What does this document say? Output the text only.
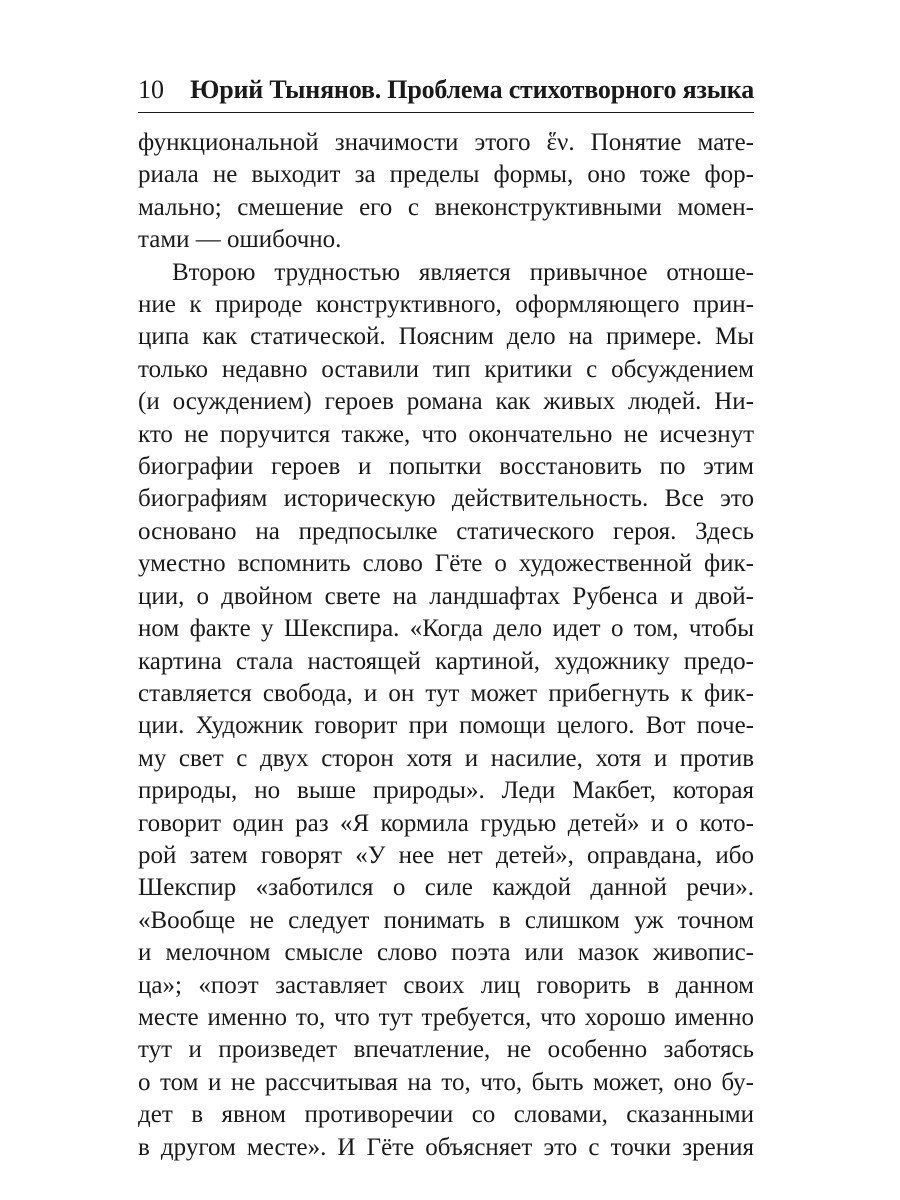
10 Юрий Тынянов. Проблема стихотворного языка
функциональной значимости этого ἕν. Понятие мате-
риала не выходит за пределы формы, оно тоже фор-
мально; смешение его с внеконструктивными момен-
тами — ошибочно.
Второю трудностью является привычное отноше-
ние к природе конструктивного, оформляющего прин-
ципа как статической. Поясним дело на примере. Мы
только недавно оставили тип критики с обсуждением
(и осуждением) героев романа как живых людей. Ни-
кто не поручится также, что окончательно не исчезнут
биографии героев и попытки восстановить по этим
биографиям историческую действительность. Все это
основано на предпосылке статического героя. Здесь
уместно вспомнить слово Гёте о художественной фик-
ции, о двойном свете на ландшафтах Рубенса и двой-
ном факте у Шекспира. «Когда дело идет о том, чтобы
картина стала настоящей картиной, художнику предо-
ставляется свобода, и он тут может прибегнуть к фик-
ции. Художник говорит при помощи целого. Вот поче-
му свет с двух сторон хотя и насилие, хотя и против
природы, но выше природы». Леди Макбет, которая
говорит один раз «Я кормила грудью детей» и о кото-
рой затем говорят «У нее нет детей», оправдана, ибо
Шекспир «заботился о силе каждой данной речи».
«Вообще не следует понимать в слишком уж точном
и мелочном смысле слово поэта или мазок живопис-
ца»; «поэт заставляет своих лиц говорить в данном
месте именно то, что тут требуется, что хорошо именно
тут и произведет впечатление, не особенно заботясь
о том и не рассчитывая на то, что, быть может, оно бу-
дет в явном противоречии со словами, сказанными
в другом месте». И Гёте объясняет это с точки зрения
